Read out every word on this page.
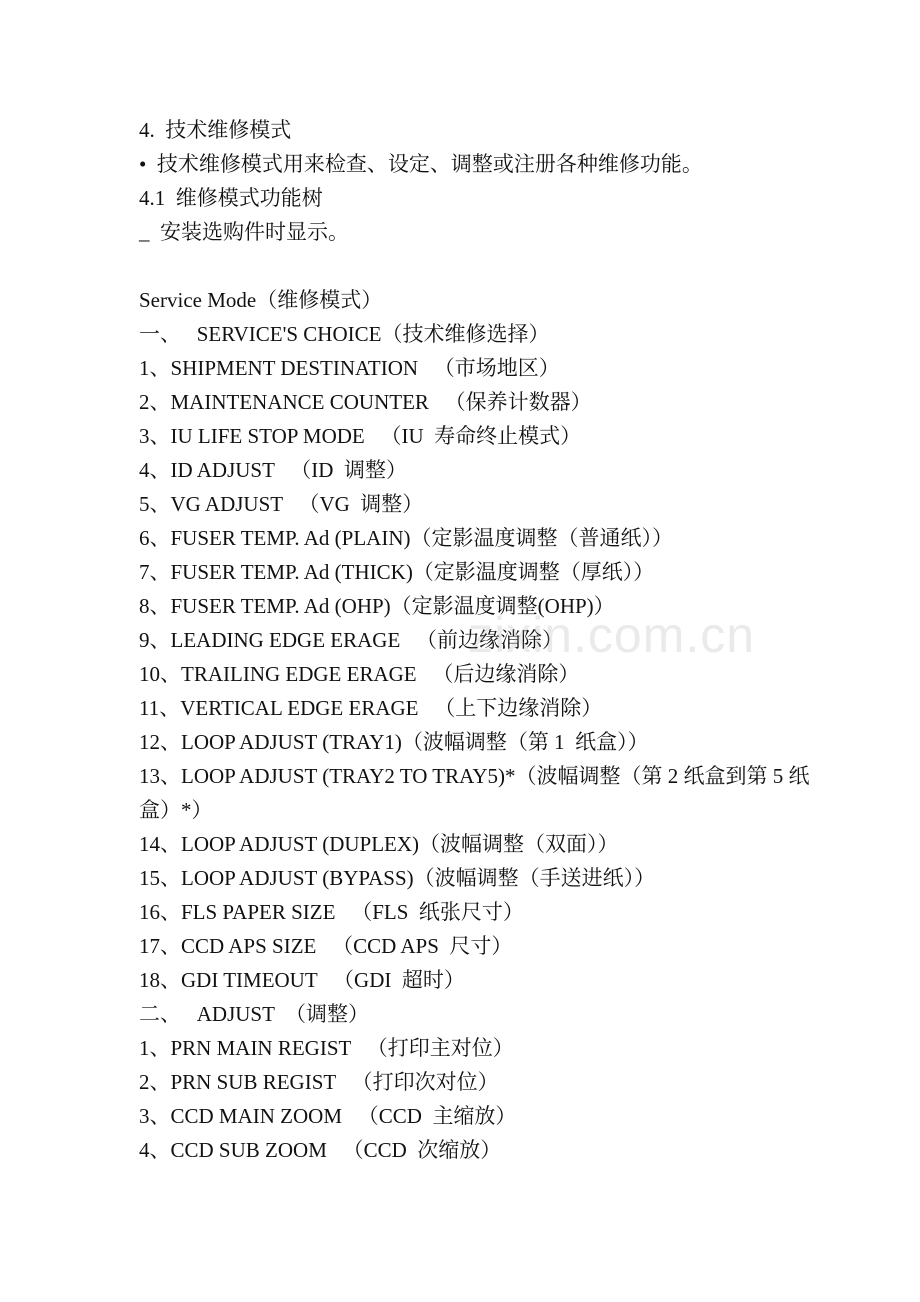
4.  技术维修模式
•  技术维修模式用来检查、设定、调整或注册各种维修功能。
4.1  维修模式功能树
_  安装选购件时显示。
Service Mode（维修模式）
一、   SERVICE'S CHOICE（技术维修选择）
1、SHIPMENT DESTINATION   （市场地区）
2、MAINTENANCE COUNTER   （保养计数器）
3、IU LIFE STOP MODE   （IU  寿命终止模式）
4、ID ADJUST   （ID  调整）
5、VG ADJUST   （VG  调整）
6、FUSER TEMP. Ad (PLAIN)（定影温度调整（普通纸））
7、FUSER TEMP. Ad (THICK)（定影温度调整（厚纸））
8、FUSER TEMP. Ad (OHP)（定影温度调整(OHP)）
9、LEADING EDGE ERAGE   （前边缘消除）
10、TRAILING EDGE ERAGE   （后边缘消除）
11、VERTICAL EDGE ERAGE   （上下边缘消除）
12、LOOP ADJUST (TRAY1)（波幅调整（第 1  纸盒））
13、LOOP ADJUST (TRAY2 TO TRAY5)*（波幅调整（第 2 纸盒到第 5 纸盒）*）
14、LOOP ADJUST (DUPLEX)（波幅调整（双面））
15、LOOP ADJUST (BYPASS)（波幅调整（手送进纸））
16、FLS PAPER SIZE   （FLS  纸张尺寸）
17、CCD APS SIZE   （CCD APS  尺寸）
18、GDI TIMEOUT   （GDI  超时）
二、   ADJUST  （调整）
1、PRN MAIN REGIST   （打印主对位）
2、PRN SUB REGIST   （打印次对位）
3、CCD MAIN ZOOM   （CCD  主缩放）
4、CCD SUB ZOOM   （CCD  次缩放）
zixin.com.cn
